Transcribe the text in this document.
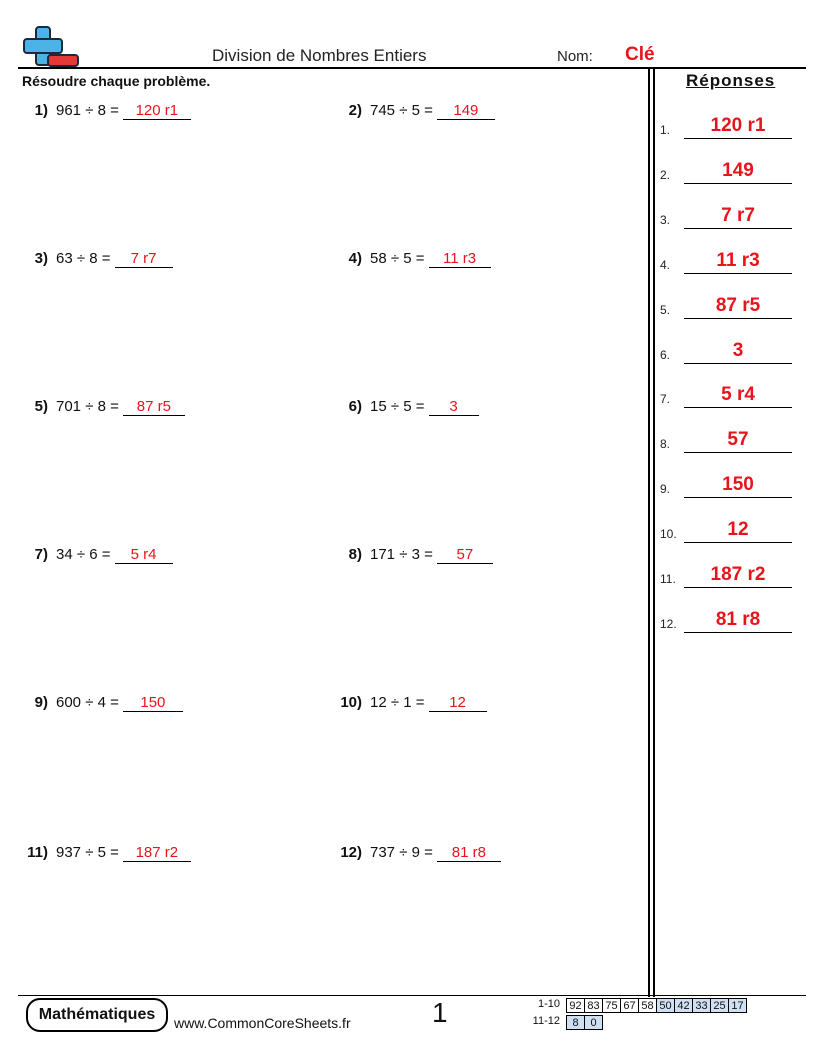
Division de Nombres Entiers	Nom: Clé
Résoudre chaque problème.	Réponses
1) 961 ÷ 8 = 120 r1	2) 745 ÷ 5 = 149
3) 63 ÷ 8 = 7 r7	4) 58 ÷ 5 = 11 r3
5) 701 ÷ 8 = 87 r5	6) 15 ÷ 5 = 3
7) 34 ÷ 6 = 5 r4	8) 171 ÷ 3 = 57
9) 600 ÷ 4 = 150	10) 12 ÷ 1 = 12
11) 937 ÷ 5 = 187 r2	12) 737 ÷ 9 = 81 r8
1.	120 r1
2.	149
3.	7 r7
4.	11 r3
5.	87 r5
6.	3
7.	5 r4
8.	57
9.	150
10.	12
11.	187 r2
12.	81 r8
Mathématiques	www.CommonCoreSheets.fr	1	1-10 92 83 75 67 58 50 42 33 25 17
11-12	8	0
